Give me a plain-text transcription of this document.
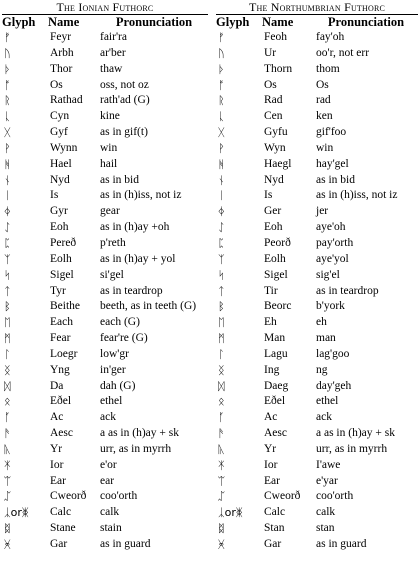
The Ionian Futhorc
Glyph	Name	Pronunciation
ᚠ	Feyr	fair'ra
ᚢ	Arbh	ar'ber
ᚦ	Thor	thaw
ᚩ	Os	oss, not oz
ᚱ	Rathad	rath'ad (G)
ᚳ	Cyn	kine
ᚷ	Gyf	as in gif(t)
ᚹ	Wynn	win
ᚻ	Hael	hail
ᚾ	Nyd	as in bid
ᛁ	Is	as in (h)iss, not iz
ᛄ	Gyr	gear
ᛇ	Eoh	as in (h)ay +oh
ᛈ	Pereð	p'reth
ᛉ	Eolh	as in (h)ay + yol
ᛋ	Sigel	si'gel
ᛏ	Tyr	as in teardrop
ᛒ	Beithe	beeth, as in teeth (G)
ᛖ	Each	each (G)
ᛗ	Fear	fear're (G)
ᛚ	Loegr	low'gr
ᛝ	Yng	in'ger
ᛞ	Da	dah (G)
ᛟ	Eðel	ethel
ᚪ	Ac	ack
ᚫ	Aesc	a as in (h)ay + sk
ᚣ	Yr	urr, as in myrrh
ᛡ	Ior	e'or
ᛠ	Ear	ear
ᛢ	Cweorð	coo'orth
ᛣorᛤ	Calc	calk
ᛥ	Stane	stain
ᚸ	Gar	as in guard
The Northumbrian Futhorc
Glyph	Name	Pronunciation
ᚠ	Feoh	fay'oh
ᚢ	Ur	oo'r, not err
ᚦ	Thorn	thom
ᚩ	Os	Os
ᚱ	Rad	rad
ᚳ	Cen	ken
ᚷ	Gyfu	gif'foo
ᚹ	Wyn	win
ᚻ	Haegl	hay'gel
ᚾ	Nyd	as in bid
ᛁ	Is	as in (h)iss, not iz
ᛄ	Ger	jer
ᛇ	Eoh	aye'oh
ᛈ	Peorð	pay'orth
ᛉ	Eolh	aye'yol
ᛋ	Sigel	sig'el
ᛏ	Tir	as in teardrop
ᛒ	Beorc	b'york
ᛖ	Eh	eh
ᛗ	Man	man
ᛚ	Lagu	lag'goo
ᛝ	Ing	ng
ᛞ	Daeg	day'geh
ᛟ	Eðel	ethel
ᚪ	Ac	ack
ᚫ	Aesc	a as in (h)ay + sk
ᚣ	Yr	urr, as in myrrh
ᛡ	Ior	I'awe
ᛠ	Ear	e'yar
ᛢ	Cweorð	coo'orth
ᛣorᛤ	Calc	calk
ᛥ	Stan	stan
ᚸ	Gar	as in guard
